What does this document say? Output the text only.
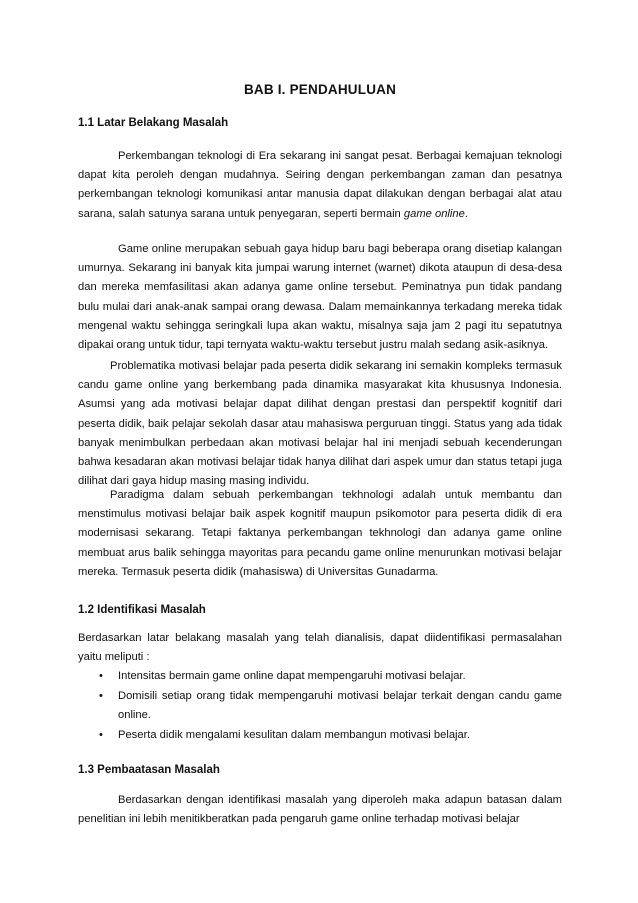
BAB I. PENDAHULUAN
1.1 Latar Belakang Masalah

Perkembangan teknologi di Era sekarang ini sangat pesat. Berbagai kemajuan teknologi dapat kita peroleh dengan mudahnya. Seiring dengan perkembangan zaman dan pesatnya perkembangan teknologi komunikasi antar manusia dapat dilakukan dengan berbagai alat atau sarana, salah satunya sarana untuk penyegaran, seperti bermain game online.

Game online merupakan sebuah gaya hidup baru bagi beberapa orang disetiap kalangan umurnya. Sekarang ini banyak kita jumpai warung internet (warnet) dikota ataupun di desa-desa dan mereka memfasilitasi akan adanya game online tersebut. Peminatnya pun tidak pandang bulu mulai dari anak-anak sampai orang dewasa. Dalam memainkannya terkadang mereka tidak mengenal waktu sehingga seringkali lupa akan waktu, misalnya saja jam 2 pagi itu sepatutnya dipakai orang untuk tidur, tapi ternyata waktu-waktu tersebut justru malah sedang asik-asiknya.

Problematika motivasi belajar pada peserta didik sekarang ini semakin kompleks termasuk candu game online yang berkembang pada dinamika masyarakat kita khususnya Indonesia. Asumsi yang ada motivasi belajar dapat dilihat dengan prestasi dan perspektif kognitif dari peserta didik, baik pelajar sekolah dasar atau mahasiswa perguruan tinggi. Status yang ada tidak banyak menimbulkan perbedaan akan motivasi belajar hal ini menjadi sebuah kecenderungan bahwa kesadaran akan motivasi belajar tidak hanya dilihat dari aspek umur dan status tetapi juga dilihat dari gaya hidup masing masing individu.

Paradigma dalam sebuah perkembangan tekhnologi adalah untuk membantu dan menstimulus motivasi belajar baik aspek kognitif maupun psikomotor para peserta didik di era modernisasi sekarang. Tetapi faktanya perkembangan tekhnologi dan adanya game online membuat arus balik sehingga mayoritas para pecandu game online menurunkan motivasi belajar mereka. Termasuk peserta didik (mahasiswa) di Universitas Gunadarma.

1.2 Identifikasi Masalah

Berdasarkan latar belakang masalah yang telah dianalisis, dapat diidentifikasi permasalahan yaitu meliputi :

• Intensitas bermain game online dapat mempengaruhi motivasi belajar.
• Domisili setiap orang tidak mempengaruhi motivasi belajar terkait dengan candu game online.
• Peserta didik mengalami kesulitan dalam membangun motivasi belajar.
1.3 Pembaatasan Masalah

Berdasarkan dengan identifikasi masalah yang diperoleh maka adapun batasan dalam penelitian ini lebih menitikberatkan pada pengaruh game online terhadap motivasi belajar
